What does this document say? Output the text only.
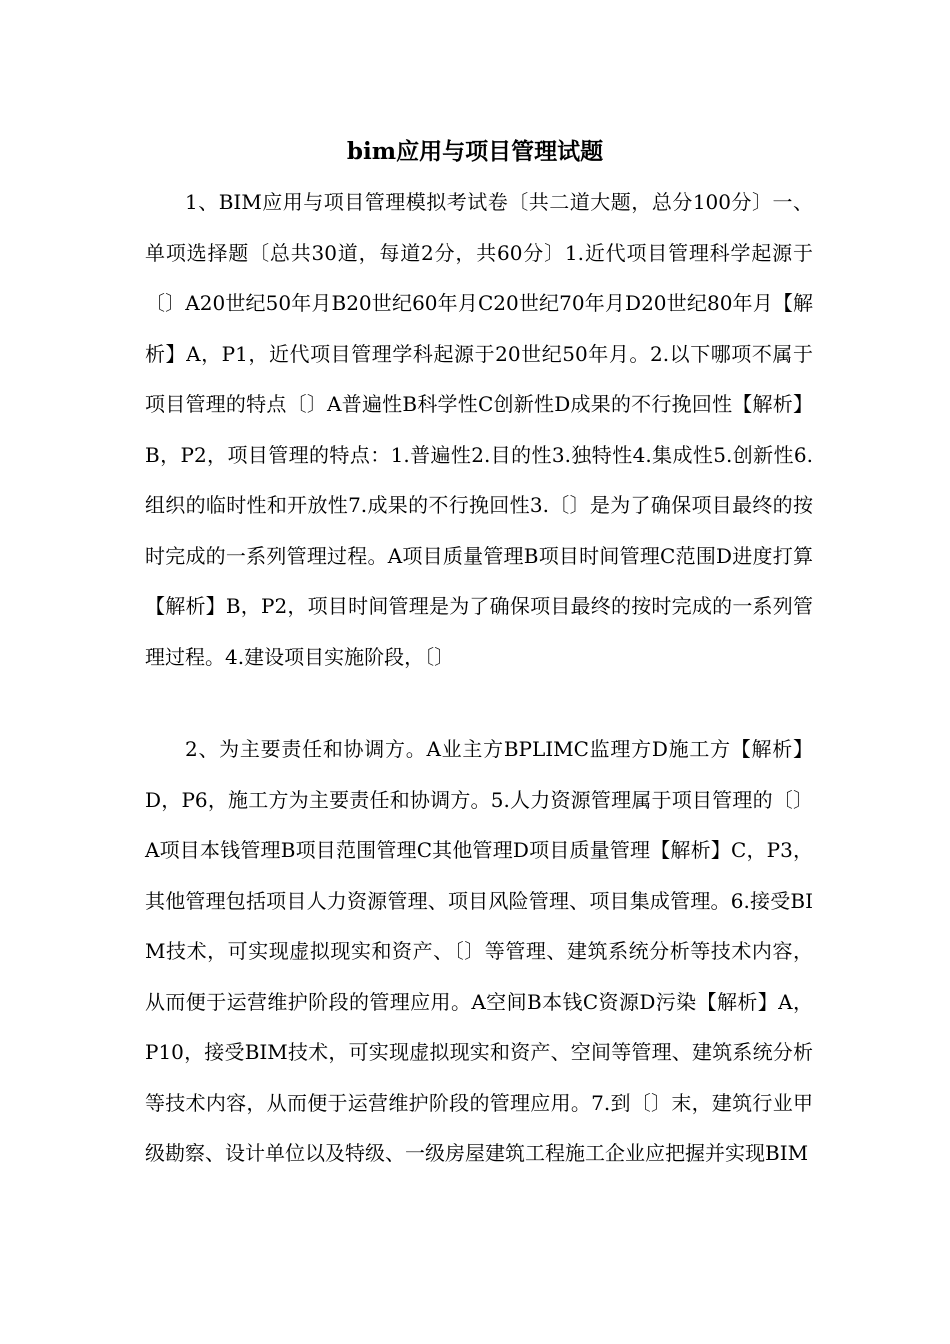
bim应用与项目管理试题

1、BIM应用与项目管理模拟考试卷〔共二道大题，总分100分〕一、单项选择题〔总共30道，每道2分，共60分〕1.近代项目管理科学起源于〔〕A20世纪50年月B20世纪60年月C20世纪70年月D20世纪80年月【解析】A，P1，近代项目管理学科起源于20世纪50年月。2.以下哪项不属于项目管理的特点〔〕A普遍性B科学性C创新性D成果的不行挽回性【解析】B，P2，项目管理的特点：1.普遍性2.目的性3.独特性4.集成性5.创新性6.组织的临时性和开放性7.成果的不行挽回性3.〔〕是为了确保项目最终的按时完成的一系列管理过程。A项目质量管理B项目时间管理C范围D进度打算【解析】B，P2，项目时间管理是为了确保项目最终的按时完成的一系列管理过程。4.建设项目实施阶段，〔〕

2、为主要责任和协调方。A业主方BPLIMC监理方D施工方【解析】D，P6，施工方为主要责任和协调方。5.人力资源管理属于项目管理的〔〕A项目本钱管理B项目范围管理C其他管理D项目质量管理【解析】C，P3，其他管理包括项目人力资源管理、项目风险管理、项目集成管理。6.接受BIM技术，可实现虚拟现实和资产、〔〕等管理、建筑系统分析等技术内容，从而便于运营维护阶段的管理应用。A空间B本钱C资源D污染【解析】A，P10，接受BIM技术，可实现虚拟现实和资产、空间等管理、建筑系统分析等技术内容，从而便于运营维护阶段的管理应用。7.到〔〕末，建筑行业甲级勘察、设计单位以及特级、一级房屋建筑工程施工企业应把握并实现BIM
